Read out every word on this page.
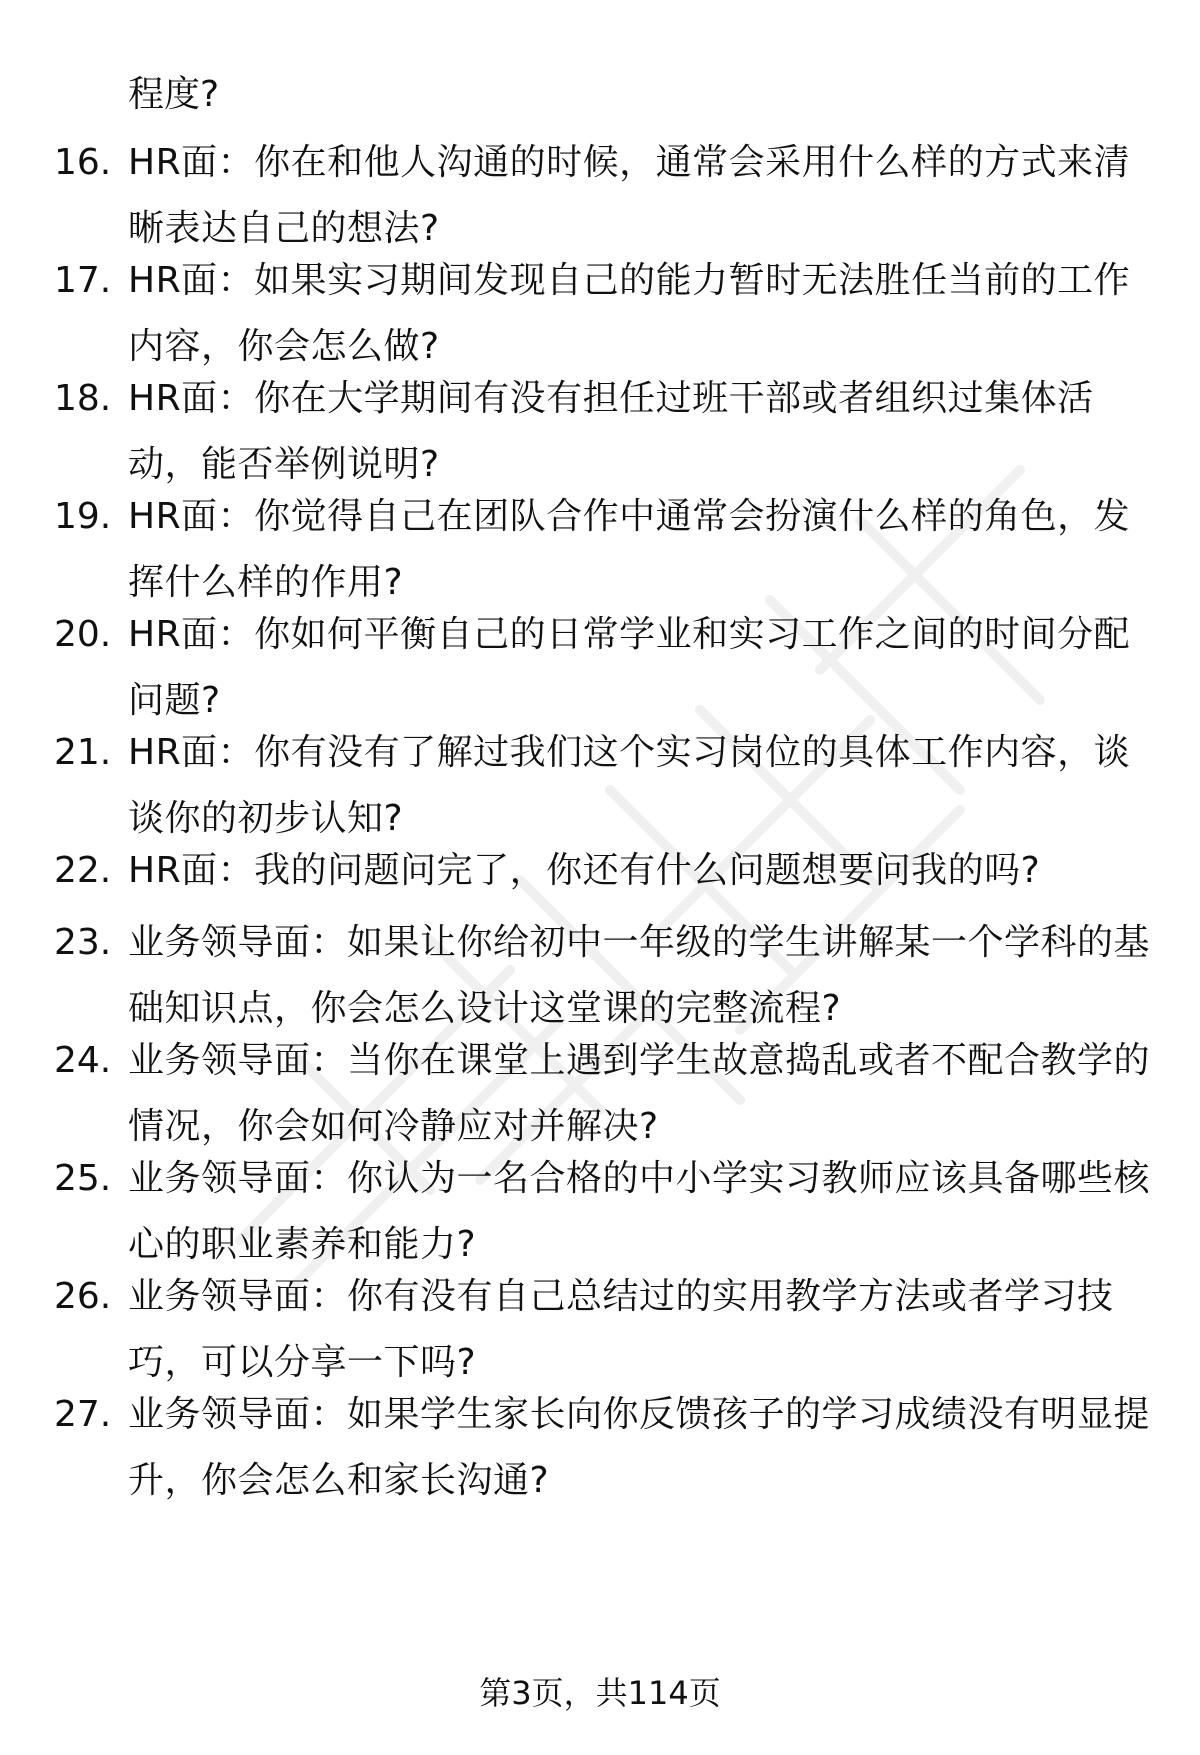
程度?
16. HR面：你在和他人沟通的时候，通常会采用什么样的方式来清晰表达自己的想法?
17. HR面：如果实习期间发现自己的能力暂时无法胜任当前的工作内容，你会怎么做?
18. HR面：你在大学期间有没有担任过班干部或者组织过集体活动，能否举例说明?
19. HR面：你觉得自己在团队合作中通常会扮演什么样的角色，发挥什么样的作用?
20. HR面：你如何平衡自己的日常学业和实习工作之间的时间分配问题?
21. HR面：你有没有了解过我们这个实习岗位的具体工作内容，谈谈你的初步认知?
22. HR面：我的问题问完了，你还有什么问题想要问我的吗?
23. 业务领导面：如果让你给初中一年级的学生讲解某一个学科的基础知识点，你会怎么设计这堂课的完整流程?
24. 业务领导面：当你在课堂上遇到学生故意捣乱或者不配合教学的情况，你会如何冷静应对并解决?
25. 业务领导面：你认为一名合格的中小学实习教师应该具备哪些核心的职业素养和能力?
26. 业务领导面：你有没有自己总结过的实用教学方法或者学习技巧，可以分享一下吗?
27. 业务领导面：如果学生家长向你反馈孩子的学习成绩没有明显提升，你会怎么和家长沟通?
第3页，共114页
